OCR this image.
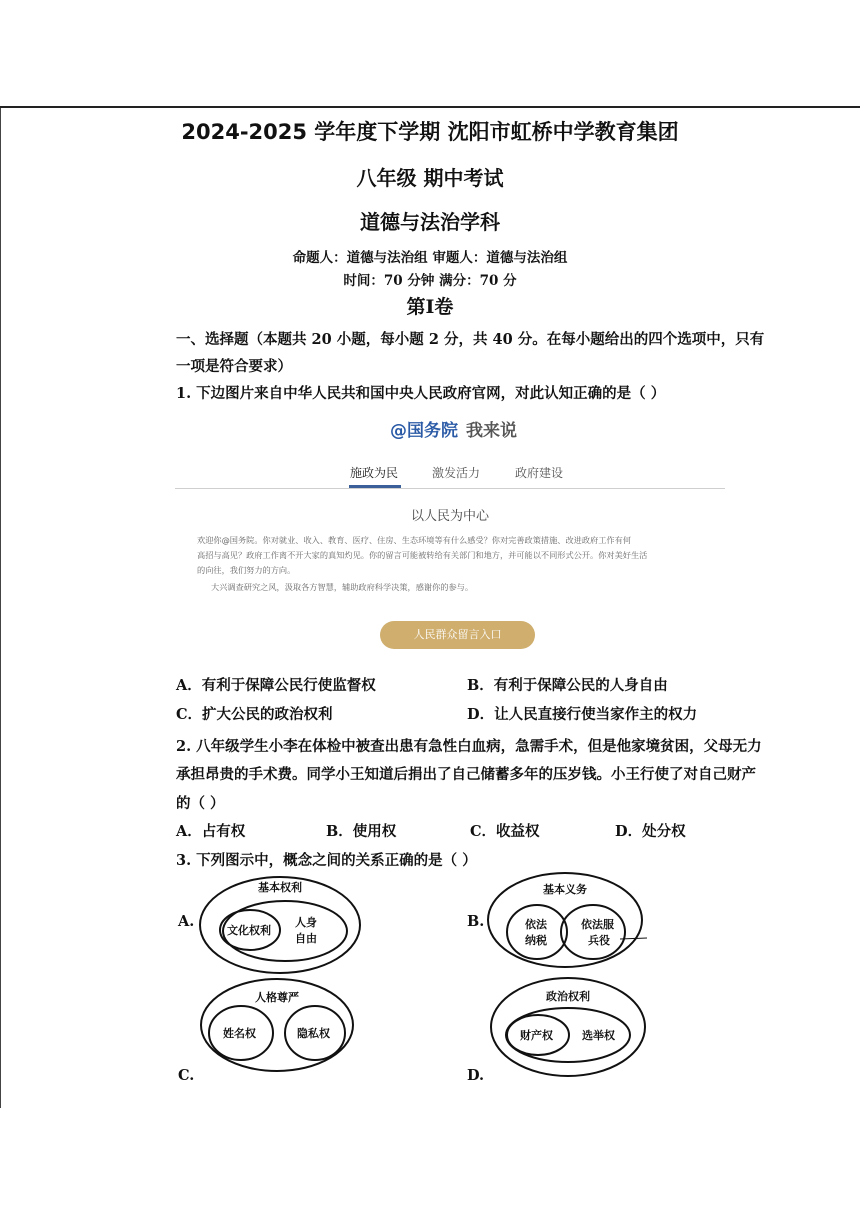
2024-2025 学年度下学期 沈阳市虹桥中学教育集团
八年级 期中考试
道德与法治学科
命题人：道德与法治组 审题人：道德与法治组
时间：70 分钟 满分：70 分
第Ⅰ卷
一、选择题（本题共 20 小题，每小题 2 分，共 40 分。在每小题给出的四个选项中，只有
一项是符合要求）
1. 下边图片来自中华人民共和国中央人民政府官网，对此认知正确的是（ ）
@国务院 我来说
施政为民	激发活力	政府建设
以人民为中心
欢迎你@国务院。你对就业、收入、教育、医疗、住房、生态环境等有什么感受？你对完善政策措施、改进政府工作有何
高招与高见？政府工作离不开大家的真知灼见。你的留言可能被转给有关部门和地方，并可能以不同形式公开。你对美好生活
的向往，我们努力的方向。
大兴调查研究之风，汲取各方智慧，辅助政府科学决策，感谢你的参与。
人民群众留言入口
A．有利于保障公民行使监督权	B．有利于保障公民的人身自由
C．扩大公民的政治权利	D．让人民直接行使当家作主的权力
2. 八年级学生小李在体检中被查出患有急性白血病，急需手术，但是他家境贫困，父母无力
承担昂贵的手术费。同学小王知道后捐出了自己储蓄多年的压岁钱。小王行使了对自己财产
的（ ）
A．占有权	B．使用权	C．收益权	D．处分权
3. 下列图示中，概念之间的关系正确的是（ ）
A.
基本权利
文化权利
人身
自由
B.
基本义务
依法
纳税
依法服
兵役
人格尊严
姓名权	隐私权
C.
政治权利
财产权	选举权
D.
